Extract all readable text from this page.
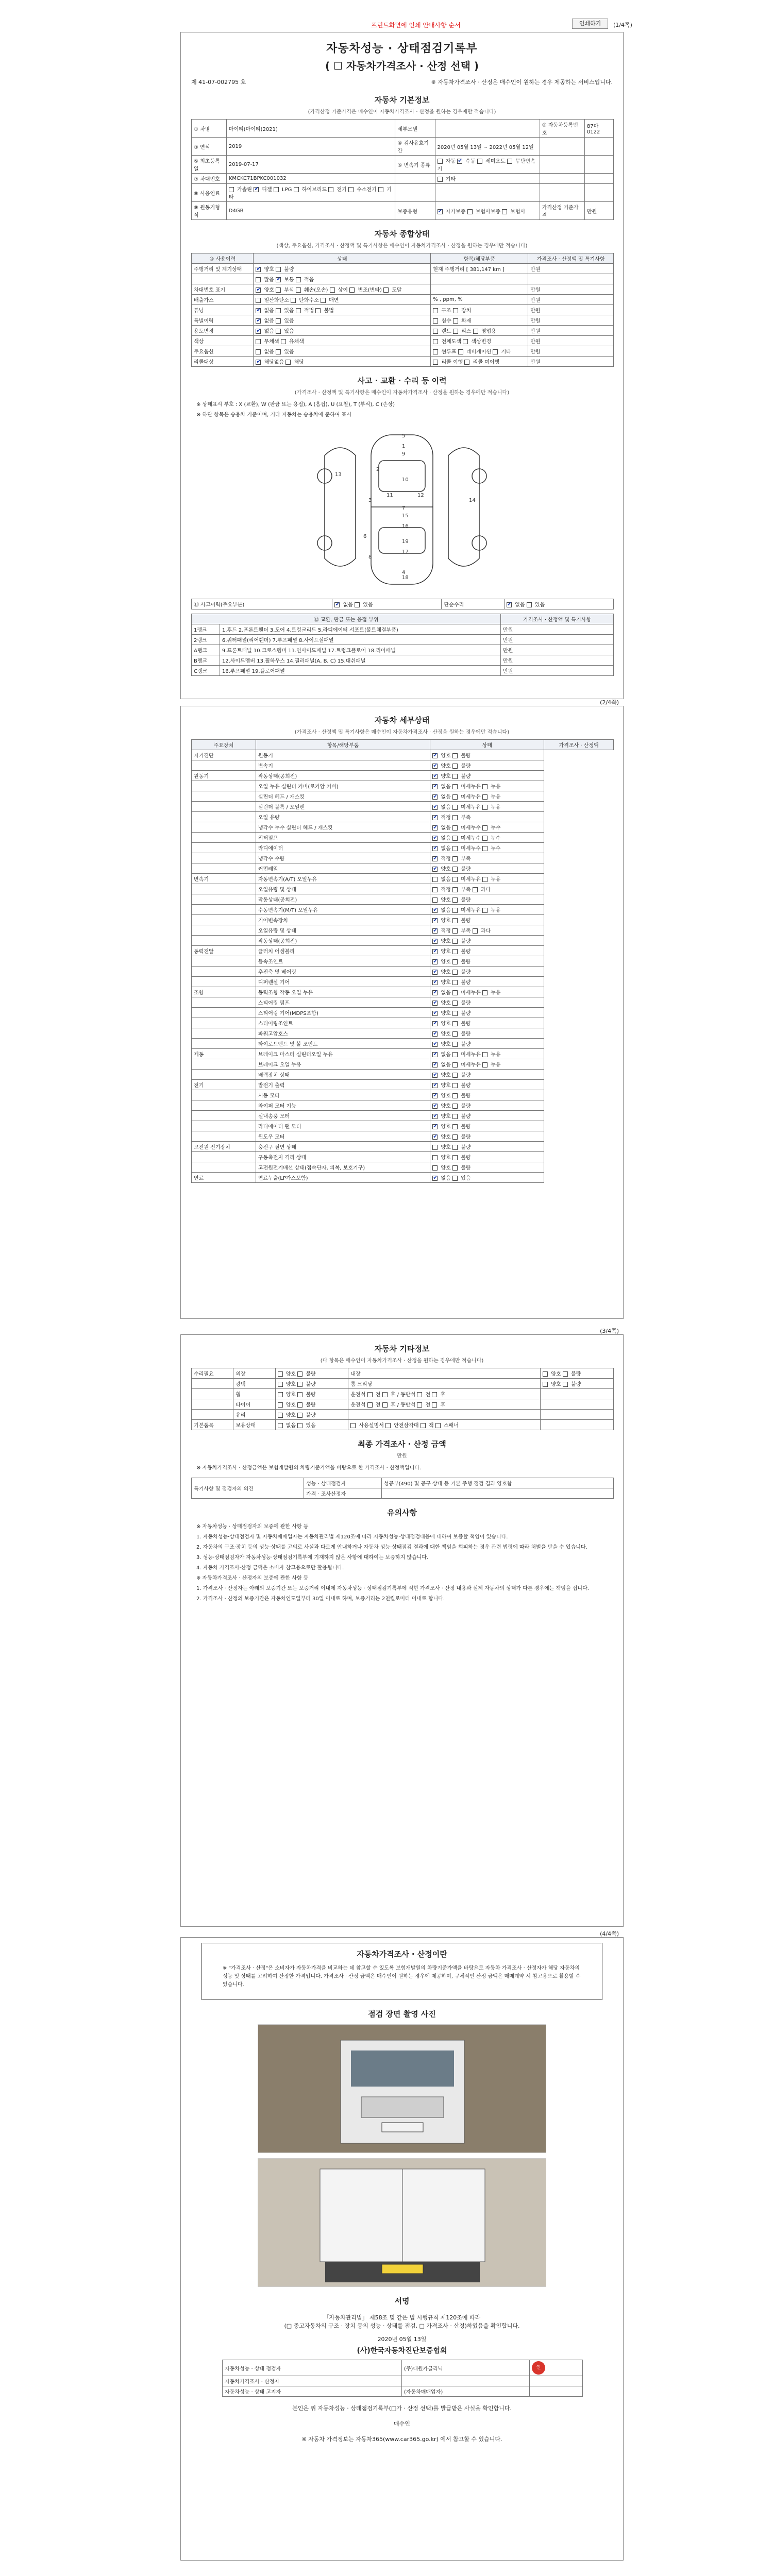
프린트화면에 인쇄 안내사항 순서	인쇄하기	(1/4쪽)
자동차성능 · 상태점검기록부
( ☐ 자동차가격조사 · 산정 선택 )
제 41-07-002795 호	※ 자동차가격조사 · 산정은 매수인이 원하는 경우 제공하는 서비스입니다.
자동차 기본정보
(가격산정 기준가격은 매수인이 자동차가격조사 · 산정을 원하는 경우에만 적습니다)
① 차명	마이티(마이티(2021)	세부모델		② 자동차등록번호	87마0122
③ 연식	2019	④ 검사유효기간	2020년 05월 13일 ~ 2022년 05월 12일		
⑤ 최초등록일	2019-07-17	⑥ 변속기 종류	자동 ✔ 수동  세미오토  무단변속기		
⑦ 차대번호	KMCKC71BPKC001032		기타		
⑧ 사용연료	가솔린 ✔ 디젤  LPG  하이브리드  전기  수소전기  기타				
⑨ 원동기형식	D4GB	보증유형	✔ 자가보증  보험사보증  보험사	가격산정 기준가격	만원
자동차 종합상태
(색상, 주요옵션, 가격조사 · 산정액 및 특기사항은 매수인이 자동차가격조사 · 산정을 원하는 경우에만 적습니다)
⑩ 사용이력	상태	항목/해당부품	가격조사 · 산정액 및 특기사항
주행거리 및 계기상태	✔ 양호  불량	현재 주행거리 [ 381,147 km ]	만원
	많음 ✔ 보통  적음		
차대번호 표기	✔ 양호  부식  훼손(오손)  상이  변조(변타)  도말		만원
배출가스	일산화탄소  탄화수소  매연	% , ppm, %	만원
튜닝	✔ 없음  있음  적법  불법	구조  장치	만원
특별이력	✔ 없음  있음	침수  화재	만원
용도변경	✔ 없음  있음	렌트  리스  영업용	만원
색상	무채색  유채색	전체도색  색상변경	만원
주요옵션	없음  있음	썬루프  네비게이션  기타	만원
리콜대상	✔ 해당없음  해당	리콜 이행  리콜 미이행	만원
사고 · 교환 · 수리 등 이력
(가격조사 · 산정액 및 특기사항은 매수인이 자동차가격조사 · 산정을 원하는 경우에만 적습니다)

※ 상태표시 부호 : X (교환), W (판금 또는 용접), A (흠집), U (요철), T (부식), C (손상)

※ 하단 항목은 승용차 기준이며, 기타 자동차는 승용차에 준하여 표시

1
2
3
4
5
6
7
8
9
10
11	12
13
14
15
16
17
18
19
⑪ 사고이력(주요부분)	✔ 없음  있음	단순수리	✔ 없음  있음
⑫ 교환, 판금 또는 용접 부위		가격조사 · 산정액 및 특기사항
1랭크	1.후드 2.프론트휀더 3.도어 4.트렁크리드 5.라디에이터 서포트(볼트체결부품)	만원
2랭크	6.쿼터패널(리어휀더) 7.루프패널 8.사이드실패널	만원
A랭크	9.프론트패널 10.크로스멤버 11.인사이드패널 17.트렁크플로어 18.리어패널	만원
B랭크	12.사이드멤버 13.휠하우스 14.필러패널(A, B, C) 15.대쉬패널	만원
C랭크	16.루프패널 19.플로어패널	만원
(2/4쪽)
자동차 세부상태
(가격조사 · 산정액 및 특기사항은 매수인이 자동차가격조사 · 산정을 원하는 경우에만 적습니다)
주요장치	항목/해당부품	상태	가격조사 · 산정액
자기진단	원동기	✔ 양호  불량
	변속기	✔ 양호  불량
원동기	작동상태(공회전)	✔ 양호  불량
	오일 누유 실린더 커버(로커암 커버)	✔ 없음  미세누유  누유
	실린더 헤드 / 개스킷	✔ 없음  미세누유  누유
	실린더 블록 / 오일팬	✔ 없음  미세누유  누유
	오일 유량	✔ 적정  부족
	냉각수 누수 실린더 헤드 / 개스킷	✔ 없음  미세누수  누수
	워터펌프	✔ 없음  미세누수  누수
	라디에이터	✔ 없음  미세누수  누수
	냉각수 수량	✔ 적정  부족
	커먼레일	✔ 양호  불량
변속기	자동변속기(A/T) 오일누유	없음  미세누유  누유	
	오일유량 및 상태	적정  부족  과다	
	작동상태(공회전)	양호  불량	
	수동변속기(M/T) 오일누유	✔ 없음  미세누유  누유
	기어변속장치	✔ 양호  불량
	오일유량 및 상태	✔ 적정  부족  과다
	작동상태(공회전)	✔ 양호  불량
동력전달	클러치 어셈블리	✔ 양호  불량
	등속조인트	✔ 양호  불량
	추진축 및 베어링	✔ 양호  불량
	디퍼렌셜 기어	✔ 양호  불량
조향	동력조향 작동 오일 누유	✔ 없음  미세누유  누유
	스티어링 펌프	✔ 양호  불량
	스티어링 기어(MDPS포함)	✔ 양호  불량
	스티어링조인트	✔ 양호  불량
	파워고압호스	✔ 양호  불량
	타이로드엔드 및 볼 조인트	✔ 양호  불량
제동	브레이크 마스터 실린더오일 누유	✔ 없음  미세누유  누유
	브레이크 오일 누유	✔ 없음  미세누유  누유
	배력장치 상태	✔ 양호  불량
전기	발전기 출력	✔ 양호  불량
	시동 모터	✔ 양호  불량
	와이퍼 모터 기능	✔ 양호  불량
	실내송풍 모터	✔ 양호  불량
	라디에이터 팬 모터	✔ 양호  불량
	윈도우 모터	✔ 양호  불량
고전원 전기장치	충전구 절연 상태	양호  불량	
	구동축전지 격리 상태	양호  불량	
	고전원전기배선 상태(접속단자, 피복, 보호기구)	양호  불량	
연료	연료누출(LP가스포함)	✔ 없음  있음
(3/4쪽)
자동차 기타정보
(다 항목은 매수인이 자동차가격조사 · 산정을 원하는 경우에만 적습니다)
수리필요	외장	양호  불량	내장	양호  불량
	광택	양호  불량	룸 크리닝	양호  불량
	휠	양호  불량	운전석  전  후 / 동반석  전  후	
	타이어	양호  불량	운전석  전  후 / 동반석  전  후	
	유리	양호  불량		
기본품목	보유상태	없음  있음	사용설명서  안전삼각대  잭  스패너	
최종 가격조사 · 산정 금액
만원
※ 자동차가격조사 · 산정금액은 보험개발원의 차량기준가액을 바탕으로 한 가격조사 · 산정액입니다.
특기사항 및 점검자의 의견	성능 · 상태점검자	성공부(490) 및 공구 상태 등 기본 주행 점검 결과 양호함
	가격 · 조사산정자	
유의사항

※ 자동차성능 · 상태점검자의 보증에 관한 사항 등

1. 자동차성능·상태점검자 및 자동차매매업자는 자동차관리법 제120조에 따라 자동차성능·상태점검내용에 대하여 보증할 책임이 있습니다.

2. 자동차의 구조·장치 등의 성능·상태를 고의로 사실과 다르게 안내하거나 자동차 성능·상태점검 결과에 대한 책임을 회피하는 경우 관련 법령에 따라 처벌을 받을 수 있습니다.

3. 성능·상태점검자가 자동차성능·상태점검기록부에 기재하지 않은 사항에 대하여는 보증하지 않습니다.

4. 자동차 가격조사·산정 금액은 소비자 참고용으로만 활용됩니다.

※ 자동차가격조사 · 산정자의 보증에 관한 사항 등

1. 가격조사 · 산정자는 아래의 보증기간 또는 보증거리 이내에 자동차성능 · 상태점검기록부에 적힌 가격조사 · 산정 내용과 실제 자동차의 상태가 다른 경우에는 책임을 집니다.

2. 가격조사 · 산정의 보증기간은 자동차인도일부터 30일 이내로 하며, 보증거리는 2천킬로미터 이내로 합니다.

(4/4쪽)
자동차가격조사 · 산정이란
※ "가격조사 · 산정"은 소비자가 자동차가격을 비교하는 데 참고할 수 있도록 보험개발원의 차량기준가액을 바탕으로 자동차 가격조사 · 산정자가 해당 자동차의 성능 및 상태를 고려하여 산정한 가격입니다. 가격조사 · 산정 금액은 매수인이 원하는 경우에 제공하며, 구체적인 산정 금액은 매매계약 시 참고용으로 활용할 수 있습니다.
점검 장면 촬영 사진
서명

「자동차관리법」 제58조 및 같은 법 시행규칙 제120조에 따라

(□ 중고자동차의 구조 · 장치 등의 성능 · 상태를 점검, □ 가격조사 · 산정)하였음을 확인합니다.

2020년 05월 13일

(사)한국자동차진단보증협회

자동차성능 · 상태 점검자	(주)대원카클리닉	인
자동차가격조사 · 산정자		
자동차성능 · 상태 고지자	(자동차매매업자)	
본인은 위 자동차성능 · 상태점검기록부(□가 · 산정 선택)를 발급받은 사실을 확인합니다.
매수인
※ 자동차 가격정보는 자동차365(www.car365.go.kr) 에서 참고할 수 있습니다.
